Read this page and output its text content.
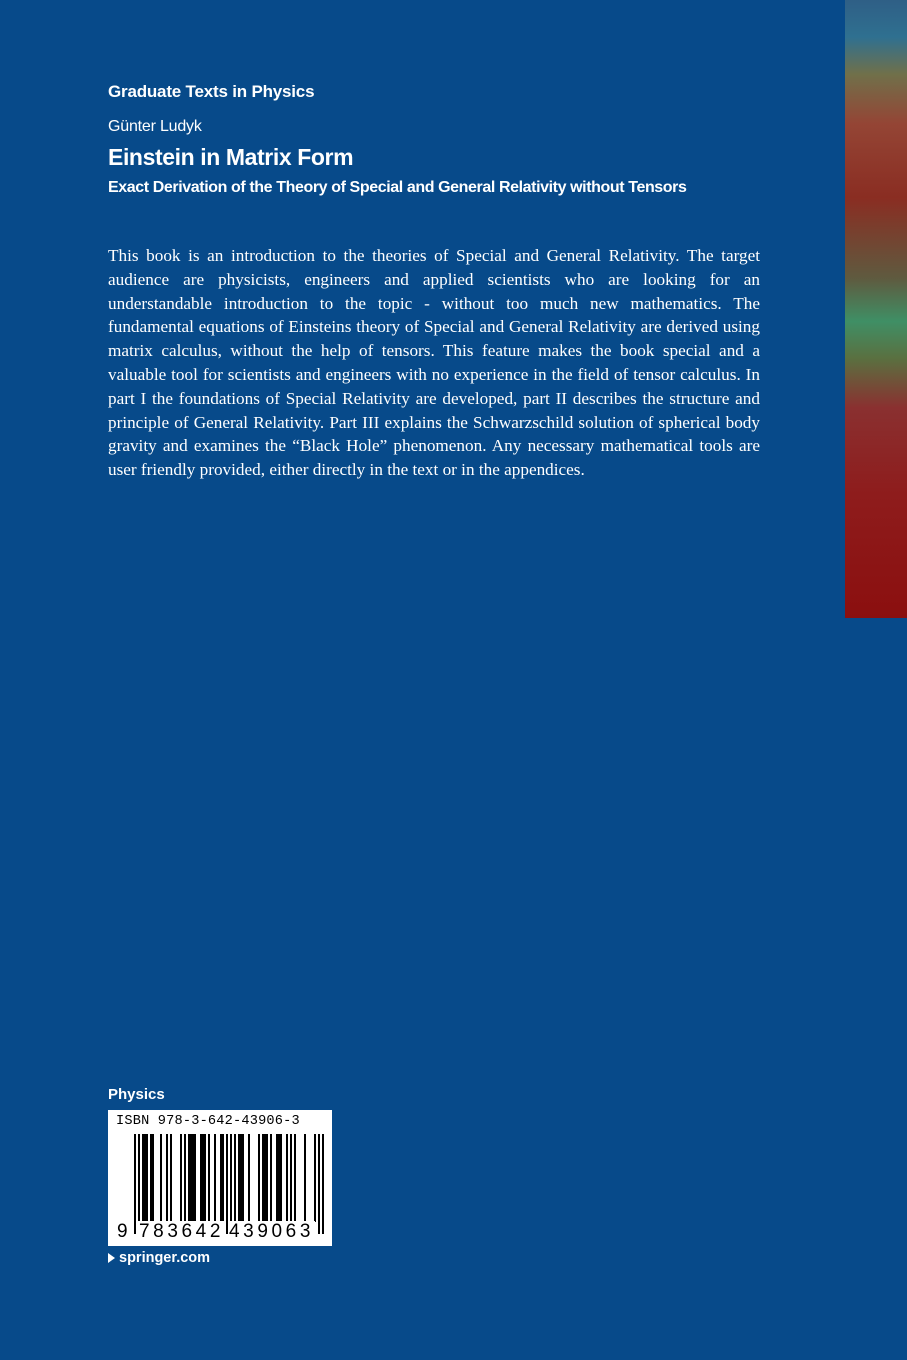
Graduate Texts in Physics
Günter Ludyk
Einstein in Matrix Form
Exact Derivation of the Theory of Special and General Relativity without Tensors

This book is an introduction to the theories of Special and General Relativity. The target audience are physicists, engineers and applied scientists who are looking for an understandable introduction to the topic - without too much new mathematics. The fundamental equations of Einsteins theory of Special and General Relativity are derived using matrix calculus, without the help of tensors. This feature makes the book special and a valuable tool for scientists and engineers with no experience in the field of tensor calculus. In part I the foundations of Special Relativity are developed, part II describes the structure and principle of General Relativity. Part III explains the Schwarzschild solution of spherical body gravity and examines the “Black Hole” phenomenon. Any necessary mathematical tools are user friendly provided, either directly in the text or in the appendices.

Physics
ISBN 978-3-642-43906-3
9 783642 439063
springer.com
